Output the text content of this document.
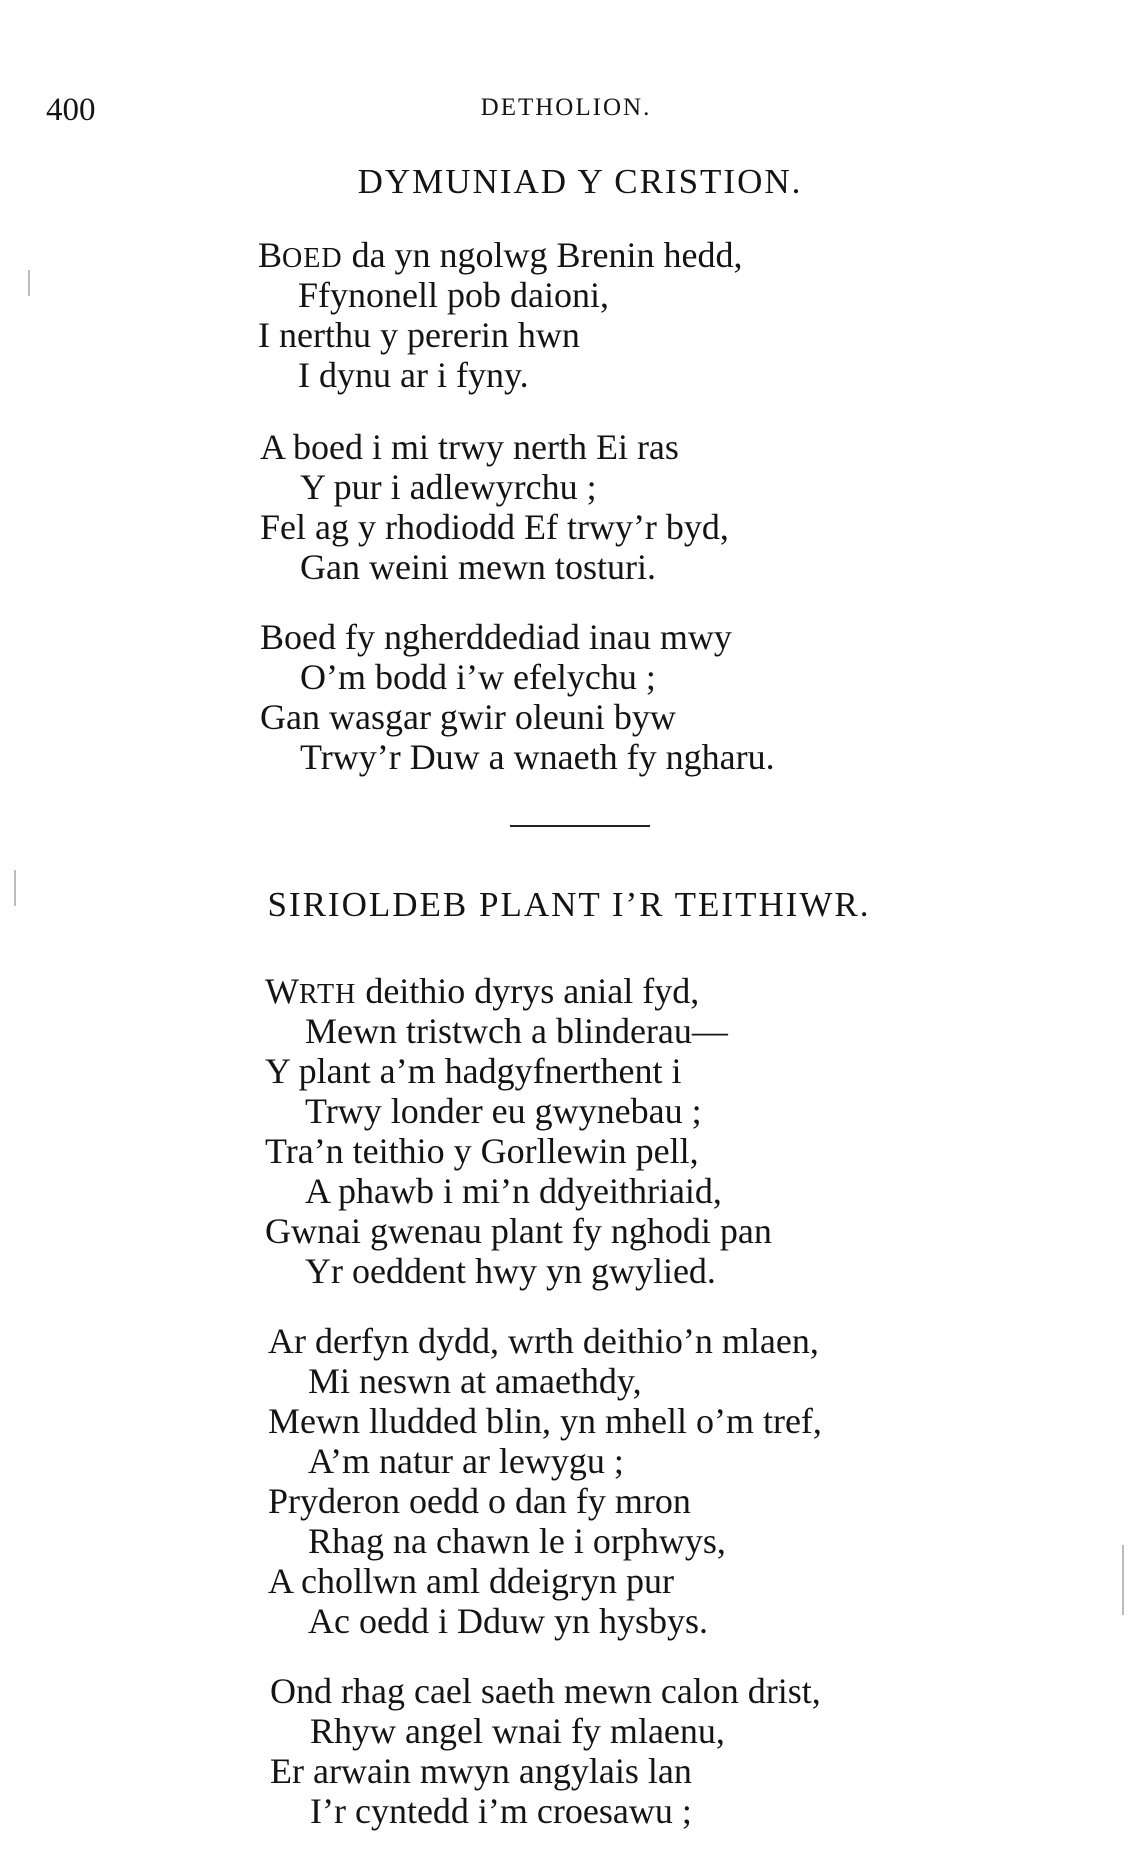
400	DETHOLION.
DYMUNIAD Y CRISTION.
BOED da yn ngolwg Brenin hedd,
Ffynonell pob daioni,
I nerthu y pererin hwn
I dynu ar i fyny.
A boed i mi trwy nerth Ei ras
Y pur i adlewyrchu ;
Fel ag y rhodiodd Ef trwy’r byd,
Gan weini mewn tosturi.
Boed fy ngherddediad inau mwy
O’m bodd i’w efelychu ;
Gan wasgar gwir oleuni byw
Trwy’r Duw a wnaeth fy ngharu.
SIRIOLDEB PLANT I’R TEITHIWR.
WRTH deithio dyrys anial fyd,
Mewn tristwch a blinderau—
Y plant a’m hadgyfnerthent i
Trwy londer eu gwynebau ;
Tra’n teithio y Gorllewin pell,
A phawb i mi’n ddyeithriaid,
Gwnai gwenau plant fy nghodi pan
Yr oeddent hwy yn gwylied.
Ar derfyn dydd, wrth deithio’n mlaen,
Mi neswn at amaethdy,
Mewn lludded blin, yn mhell o’m tref,
A’m natur ar lewygu ;
Pryderon oedd o dan fy mron
Rhag na chawn le i orphwys,
A chollwn aml ddeigryn pur
Ac oedd i Dduw yn hysbys.
Ond rhag cael saeth mewn calon drist,
Rhyw angel wnai fy mlaenu,
Er arwain mwyn angylais lan
I’r cyntedd i’m croesawu ;
